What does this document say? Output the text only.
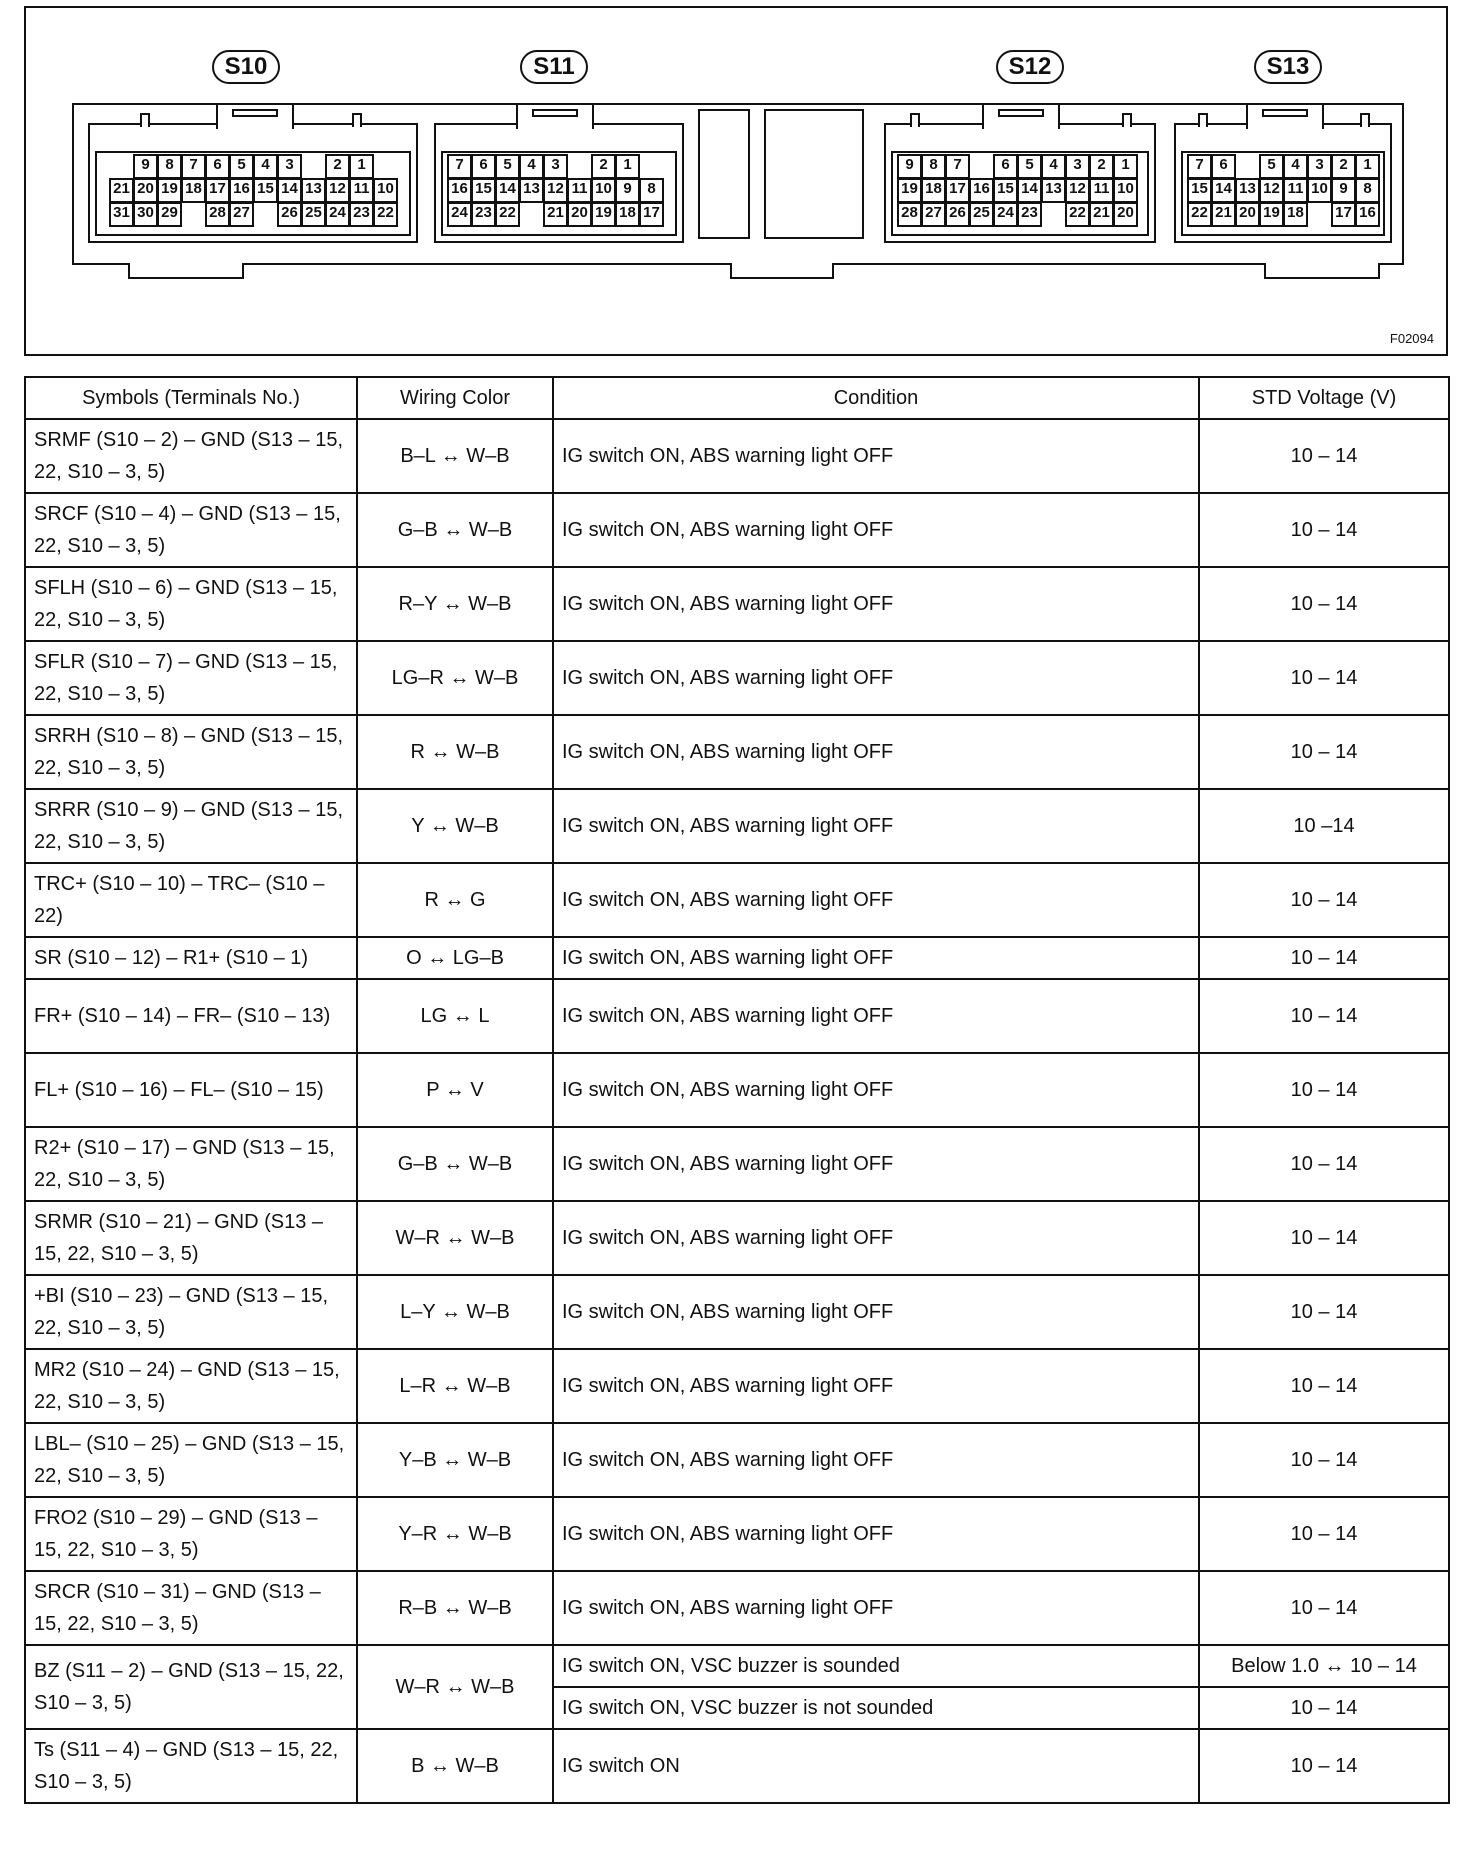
S10	S11	S12	S13
9	8	7	6	5	4	3	2	1
21 20 19 18 17 16 15 14 13 12 11 10
31 30 29 28 27 26 25 24 23 22
7	6	5	4	3	2	1
16 15 14 13 12 11 10 9	8
24 23 22 21 20 19 18 17
9	8	7	6	5	4	3	2	1
19 18 17 16 15 14 13 12 11 10
28 27 26 25 24 23 22 21 20
7	6	5	4	3	2	1
15 14 13 12 11 10 9	8
22 21 20 19 18 17 16
F02094
Symbols (Terminals No.)	Wiring Color	Condition	STD Voltage (V)
SRMF (S10 – 2) – GND (S13 – 15, 22, S10 – 3, 5)	B–L ↔ W–B	IG switch ON, ABS warning light OFF	10 – 14
SRCF (S10 – 4) – GND (S13 – 15, 22, S10 – 3, 5)	G–B ↔ W–B	IG switch ON, ABS warning light OFF	10 – 14
SFLH (S10 – 6) – GND (S13 – 15, 22, S10 – 3, 5)	R–Y ↔ W–B	IG switch ON, ABS warning light OFF	10 – 14
SFLR (S10 – 7) – GND (S13 – 15, 22, S10 – 3, 5)	LG–R ↔ W–B	IG switch ON, ABS warning light OFF	10 – 14
SRRH (S10 – 8) – GND (S13 – 15, 22, S10 – 3, 5)	R ↔ W–B	IG switch ON, ABS warning light OFF	10 – 14
SRRR (S10 – 9) – GND (S13 – 15, 22, S10 – 3, 5)	Y ↔ W–B	IG switch ON, ABS warning light OFF	10 –14
TRC+ (S10 – 10) – TRC– (S10 – 22)	R ↔ G	IG switch ON, ABS warning light OFF	10 – 14
SR (S10 – 12) – R1+ (S10 – 1)	O ↔ LG–B	IG switch ON, ABS warning light OFF	10 – 14
FR+ (S10 – 14) – FR– (S10 – 13)	LG ↔ L	IG switch ON, ABS warning light OFF	10 – 14
FL+ (S10 – 16) – FL– (S10 – 15)	P ↔ V	IG switch ON, ABS warning light OFF	10 – 14
R2+ (S10 – 17) – GND (S13 – 15, 22, S10 – 3, 5)	G–B ↔ W–B	IG switch ON, ABS warning light OFF	10 – 14
SRMR (S10 – 21) – GND (S13 – 15, 22, S10 – 3, 5)	W–R ↔ W–B	IG switch ON, ABS warning light OFF	10 – 14
+BI (S10 – 23) – GND (S13 – 15, 22, S10 – 3, 5)	L–Y ↔ W–B	IG switch ON, ABS warning light OFF	10 – 14
MR2 (S10 – 24) – GND (S13 – 15, 22, S10 – 3, 5)	L–R ↔ W–B	IG switch ON, ABS warning light OFF	10 – 14
LBL– (S10 – 25) – GND (S13 – 15, 22, S10 – 3, 5)	Y–B ↔ W–B	IG switch ON, ABS warning light OFF	10 – 14
FRO2 (S10 – 29) – GND (S13 – 15, 22, S10 – 3, 5)	Y–R ↔ W–B	IG switch ON, ABS warning light OFF	10 – 14
SRCR (S10 – 31) – GND (S13 – 15, 22, S10 – 3, 5)	R–B ↔ W–B	IG switch ON, ABS warning light OFF	10 – 14
BZ (S11 – 2) – GND (S13 – 15, 22, S10 – 3, 5)	W–R ↔ W–B	IG switch ON, VSC buzzer is sounded	Below 1.0 ↔ 10 – 14
		IG switch ON, VSC buzzer is not sounded	10 – 14
Ts (S11 – 4) – GND (S13 – 15, 22, S10 – 3, 5)	B ↔ W–B	IG switch ON	10 – 14
